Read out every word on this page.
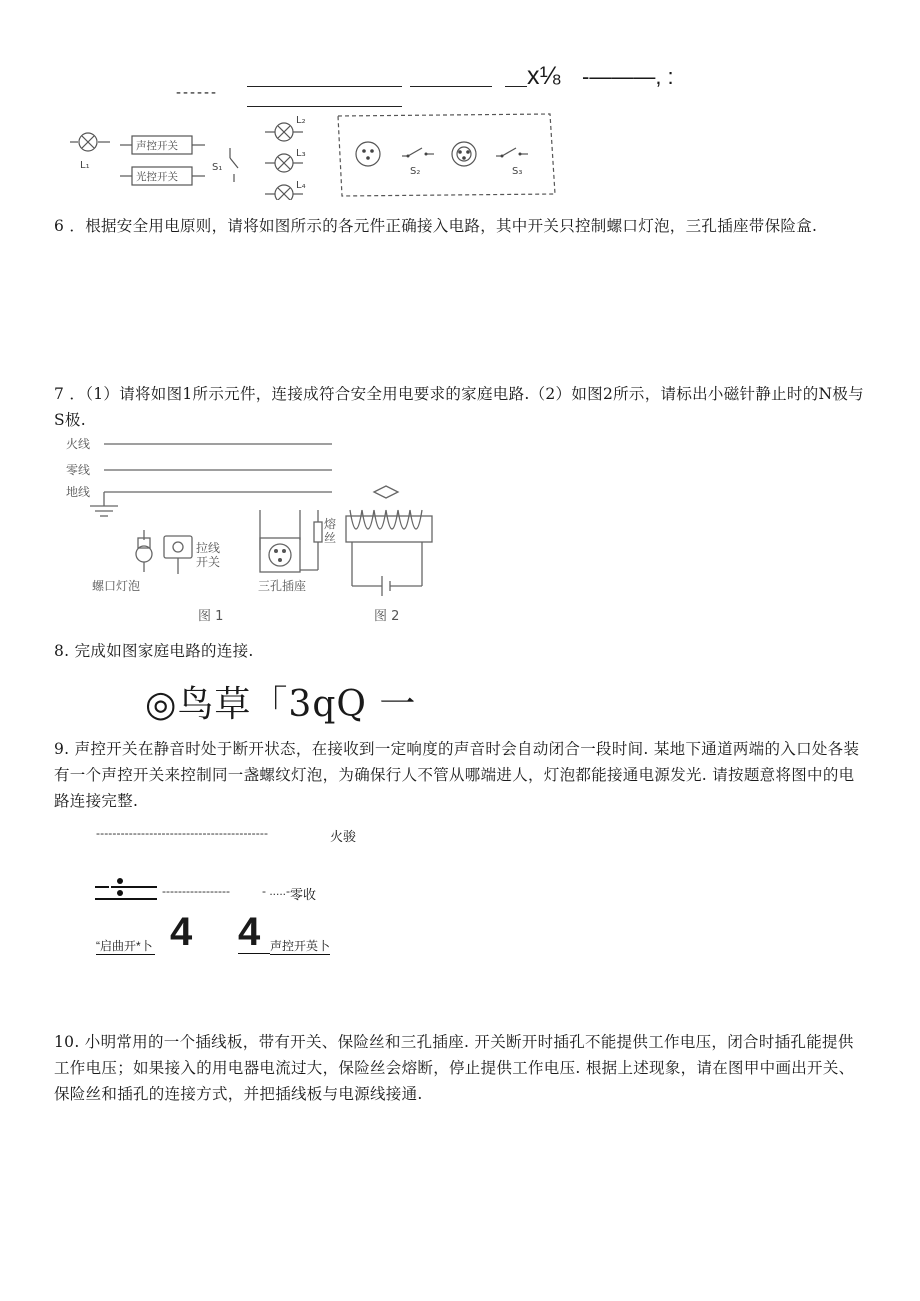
x⅛ -———, :
------
L₁
声控开关
光控开关
S₁
L₂
L₃
L₄
S₂	S₃
6 ．根据安全用电原则，请将如图所示的各元件正确接入电路，其中开关只控制螺口灯泡，三孔插座带保险盒.
7 ．（1）请将如图1所示元件，连接成符合安全用电要求的家庭电路.（2）如图2所示，请标出小磁针静止时的N极与S极.
火线
零线
地线
螺口灯泡
拉线
开关
三孔插座
熔
丝
图 1	图 2
8. 完成如图家庭电路的连接.
◎鸟草「3qQ 一
9. 声控开关在静音时处于断开状态，在接收到一定响度的声音时会自动闭合一段时间. 某地下通道两端的入口处各装有一个声控开关来控制同一盏螺纹灯泡，为确保行人不管从哪端进人，灯泡都能接通电源发光. 请按题意将图中的电路连接完整.
------------------------------------------	火骏
-----------------	- .....- 零收
“启曲开*卜 4 4 声控开英卜
10. 小明常用的一个插线板，带有开关、保险丝和三孔插座. 开关断开时插孔不能提供工作电压，闭合时插孔能提供工作电压；如果接入的用电器电流过大，保险丝会熔断，停止提供工作电压. 根据上述现象，请在图甲中画出开关、保险丝和插孔的连接方式，并把插线板与电源线接通.
